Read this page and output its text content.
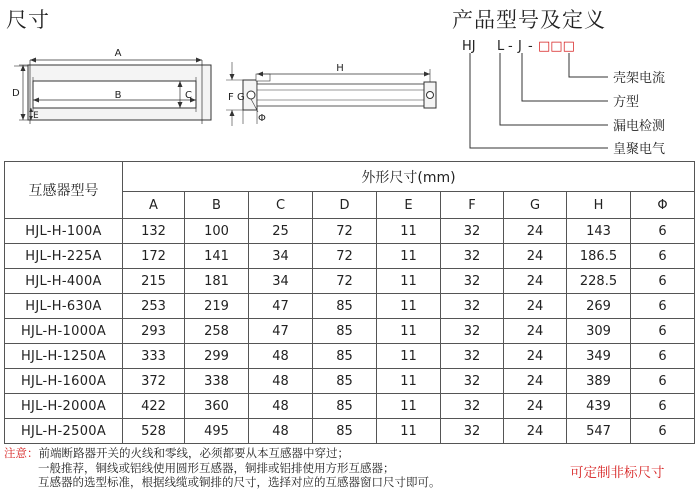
尺寸	产品型号及定义
A
B	C
D
E
H
F G
Φ
HJ L - J - □□□
壳架电流
方型
漏电检测
皇聚电气
互感器型号	外形尺寸(mm)								
	A	B	C	D	E	F	G	H	Φ
HJL-H-100A	132	100	25	72	11	32	24	143	6
HJL-H-225A	172	141	34	72	11	32	24	186.5	6
HJL-H-400A	215	181	34	72	11	32	24	228.5	6
HJL-H-630A	253	219	47	85	11	32	24	269	6
HJL-H-1000A	293	258	47	85	11	32	24	309	6
HJL-H-1250A	333	299	48	85	11	32	24	349	6
HJL-H-1600A	372	338	48	85	11	32	24	389	6
HJL-H-2000A	422	360	48	85	11	32	24	439	6
HJL-H-2500A	528	495	48	85	11	32	24	547	6
注意：前端断路器开关的火线和零线，必须都要从本互感器中穿过；
一般推荐，铜线或铝线使用圆形互感器，铜排或铝排使用方形互感器；
互感器的选型标准，根据线缆或铜排的尺寸，选择对应的互感器窗口尺寸即可。
可定制非标尺寸
